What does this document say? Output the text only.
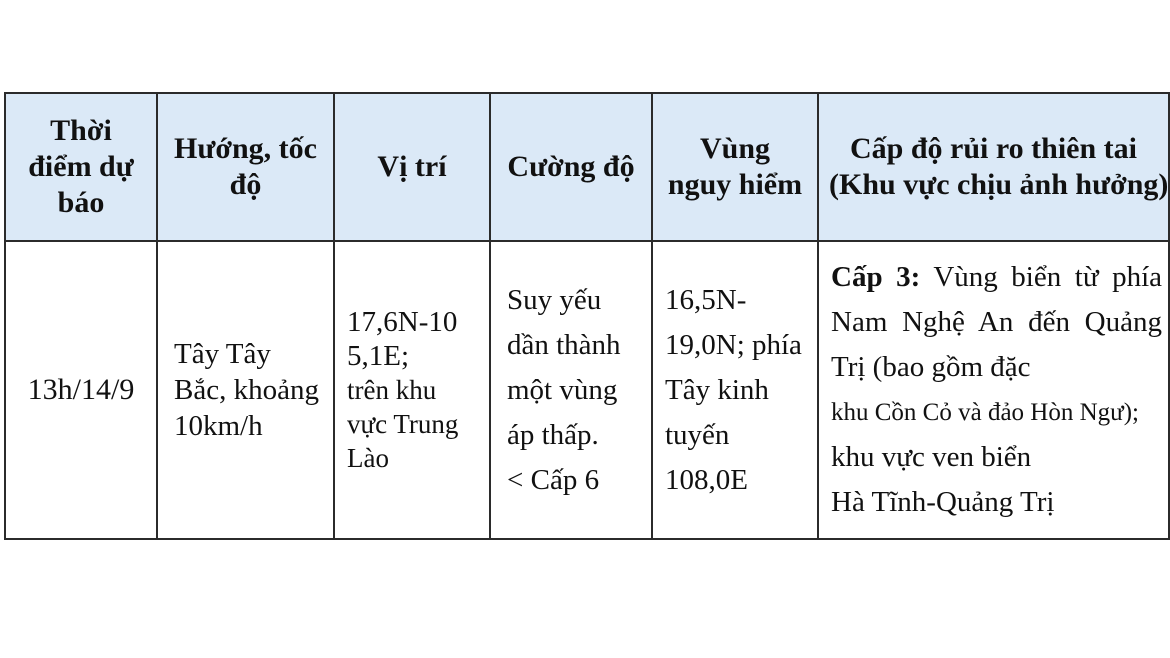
Thời điểm dự báo	Hướng, tốc độ	Vị trí	Cường độ	Vùng nguy hiểm	Cấp độ rủi ro thiên tai
(Khu vực chịu ảnh hưởng)

13h/14/9	Tây Tây Bắc, khoảng 10km/h	17,6N-105,1E;
trên khu vực Trung Lào	Suy yếu dần thành một vùng áp thấp.
< Cấp 6	16,5N-19,0N; phía Tây kinh tuyến 108,0E	Cấp 3: Vùng biển từ phía Nam Nghệ An đến Quảng Trị (bao gồm đặc
khu Cồn Cỏ và đảo Hòn Ngư);
khu vực ven biển
Hà Tĩnh-Quảng Trị
